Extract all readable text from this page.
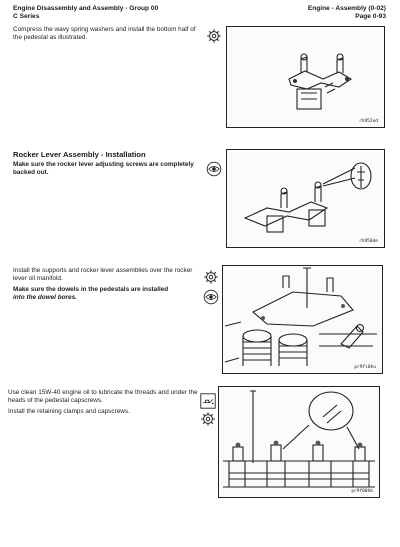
Engine Disassembly and Assembly - Group 00
C Series
Engine - Assembly (0-02)
Page 0-93
Compress the wavy spring washers and install the bottom half of the pedestal as illustrated.
rh952ed
Rocker Lever Assembly - Installation
Make sure the rocker lever adjusting screws are completely backed out.
rh950de
Install the supports and rocker lever assemblies over the rocker lever oil manifold.
Make sure the dowels in the pedestals are installed
into the dowel bores.
pr9fi0hu
Use clean 15W-40 engine oil to lubricate the threads and under the heads of the pedestal capscrews.
Install the retaining clamps and capscrews.
pr9f00hb
